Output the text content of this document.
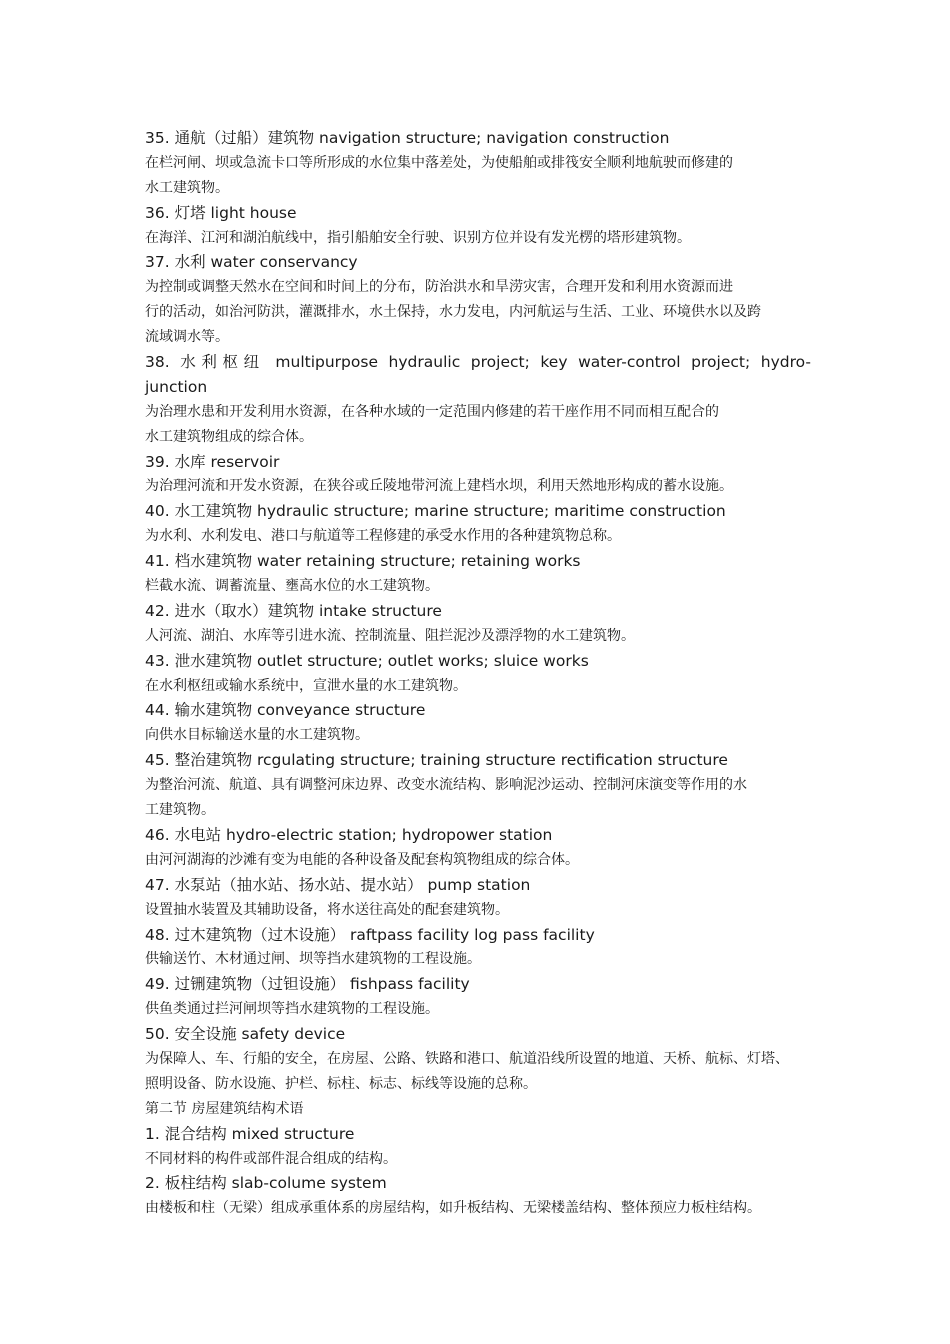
35. 通航（过船）建筑物 navigation structure; navigation construction
在栏河闸、坝或急流卡口等所形成的水位集中落差处，为使船舶或排筏安全顺利地航驶而修建的
水工建筑物。
36. 灯塔 light house
在海洋、江河和湖泊航线中，指引船舶安全行驶、识别方位并设有发光楞的塔形建筑物。
37. 水利 water conservancy
为控制或调整天然水在空间和时间上的分布，防治洪水和旱涝灾害，合理开发和利用水资源而进
行的活动，如治河防洪，灌溉排水，水土保持，水力发电，内河航运与生活、工业、环境供水以及跨
流域调水等。
38. 水利枢纽 multipurpose hydraulic project; key water-control project; hydro-
junction
为治理水患和开发利用水资源，在各种水域的一定范围内修建的若干座作用不同而相互配合的
水工建筑物组成的综合体。
39. 水库 reservoir
为治理河流和开发水资源，在狭谷或丘陵地带河流上建档水坝，利用天然地形构成的蓄水设施。
40. 水工建筑物 hydraulic structure; marine structure; maritime construction
为水利、水利发电、港口与航道等工程修建的承受水作用的各种建筑物总称。
41. 档水建筑物 water retaining structure; retaining works
栏截水流、调蓄流量、壅高水位的水工建筑物。
42. 进水（取水）建筑物 intake structure
人河流、湖泊、水库等引进水流、控制流量、阻拦泥沙及漂浮物的水工建筑物。
43. 泄水建筑物 outlet structure; outlet works; sluice works
在水利枢纽或输水系统中，宣泄水量的水工建筑物。
44. 输水建筑物 conveyance structure
向供水目标输送水量的水工建筑物。
45. 整治建筑物 rcgulating structure; training structure rectification structure
为整治河流、航道、具有调整河床边界、改变水流结构、影响泥沙运动、控制河床演变等作用的水
工建筑物。
46. 水电站 hydro-electric station; hydropower station
由河河湖海的沙滩有变为电能的各种设备及配套构筑物组成的综合体。
47. 水泵站（抽水站、扬水站、提水站） pump station
设置抽水装置及其辅助设备，将水送往高处的配套建筑物。
48. 过木建筑物（过木设施） raftpass facility log pass facility
供输送竹、木材通过闸、坝等挡水建筑物的工程设施。
49. 过铏建筑物（过钽设施） fishpass facility
供鱼类通过拦河闸坝等挡水建筑物的工程设施。
50. 安全设施 safety device
为保障人、车、行船的安全，在房屋、公路、铁路和港口、航道沿线所设置的地道、天桥、航标、灯塔、
照明设备、防水设施、护栏、标柱、标志、标线等设施的总称。
第二节 房屋建筑结构术语
1. 混合结构 mixed structure
不同材料的构件或部件混合组成的结构。
2. 板柱结构 slab-colume system
由楼板和柱（无梁）组成承重体系的房屋结构，如升板结构、无梁楼盖结构、整体预应力板柱结构。
